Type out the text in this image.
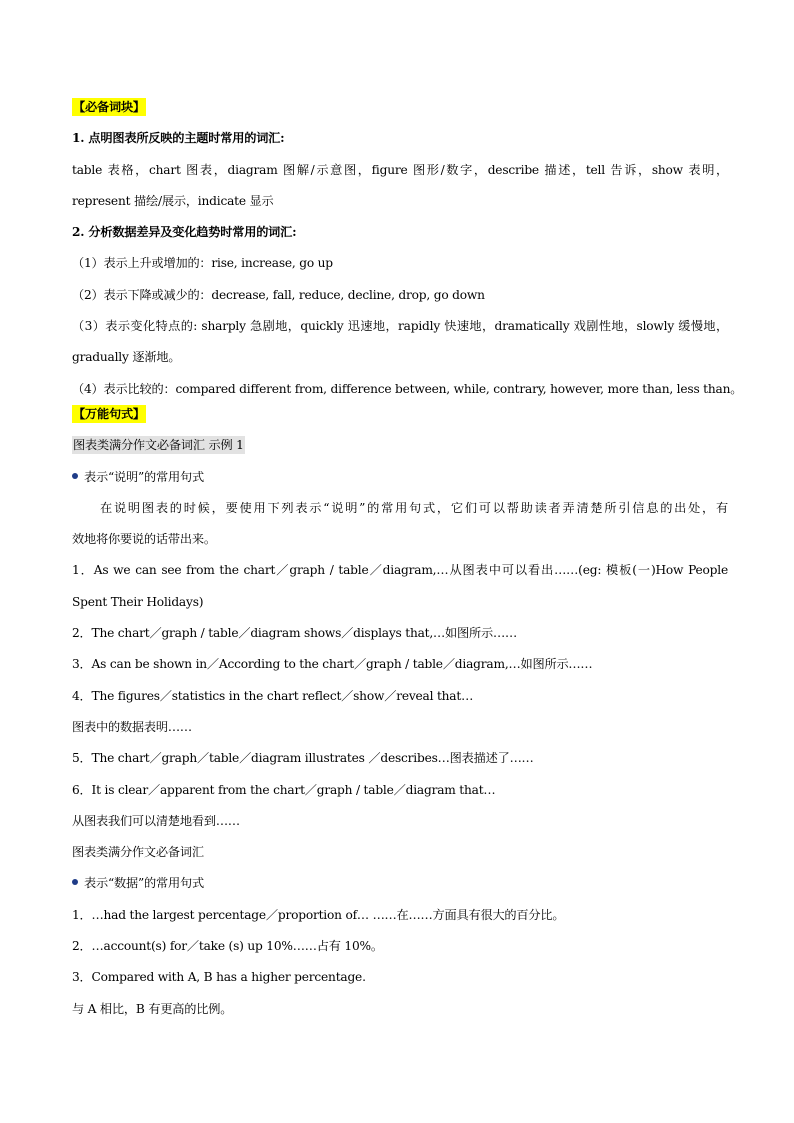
【必备词块】
1. 点明图表所反映的主题时常用的词汇:
table 表格，chart 图表，diagram 图解/示意图，figure 图形/数字，describe 描述，tell 告诉，show 表明，
represent 描绘/展示，indicate 显示
2. 分析数据差异及变化趋势时常用的词汇:
（1）表示上升或增加的：rise, increase, go up
（2）表示下降或减少的：decrease, fall, reduce, decline, drop, go down
（3）表示变化特点的: sharply 急剧地，quickly 迅速地，rapidly 快速地，dramatically 戏剧性地，slowly 缓慢地，
gradually 逐渐地。
（4）表示比较的：compared different from, difference between, while, contrary, however, more than, less than。
【万能句式】
图表类满分作文必备词汇 示例 1
表示“说明”的常用句式
在说明图表的时候，要使用下列表示“说明”的常用句式，它们可以帮助读者弄清楚所引信息的出处，有
效地将你要说的话带出来。
1．As we can see from the chart／graph / table／diagram,…从图表中可以看出……(eg: 模板(一)How People
Spent Their Holidays)
2．The chart／graph / table／diagram shows／displays that,…如图所示……
3．As can be shown in／According to the chart／graph / table／diagram,…如图所示……
4．The figures／statistics in the chart reflect／show／reveal that…
图表中的数据表明……
5．The chart／graph／table／diagram illustrates ／describes…图表描述了……
6．It is clear／apparent from the chart／graph / table／diagram that…
从图表我们可以清楚地看到……
图表类满分作文必备词汇
表示“数据”的常用句式
1．…had the largest percentage／proportion of… ……在……方面具有很大的百分比。
2．…account(s) for／take (s) up 10%……占有 10%。
3．Compared with A, B has a higher percentage.
与 A 相比，B 有更高的比例。
